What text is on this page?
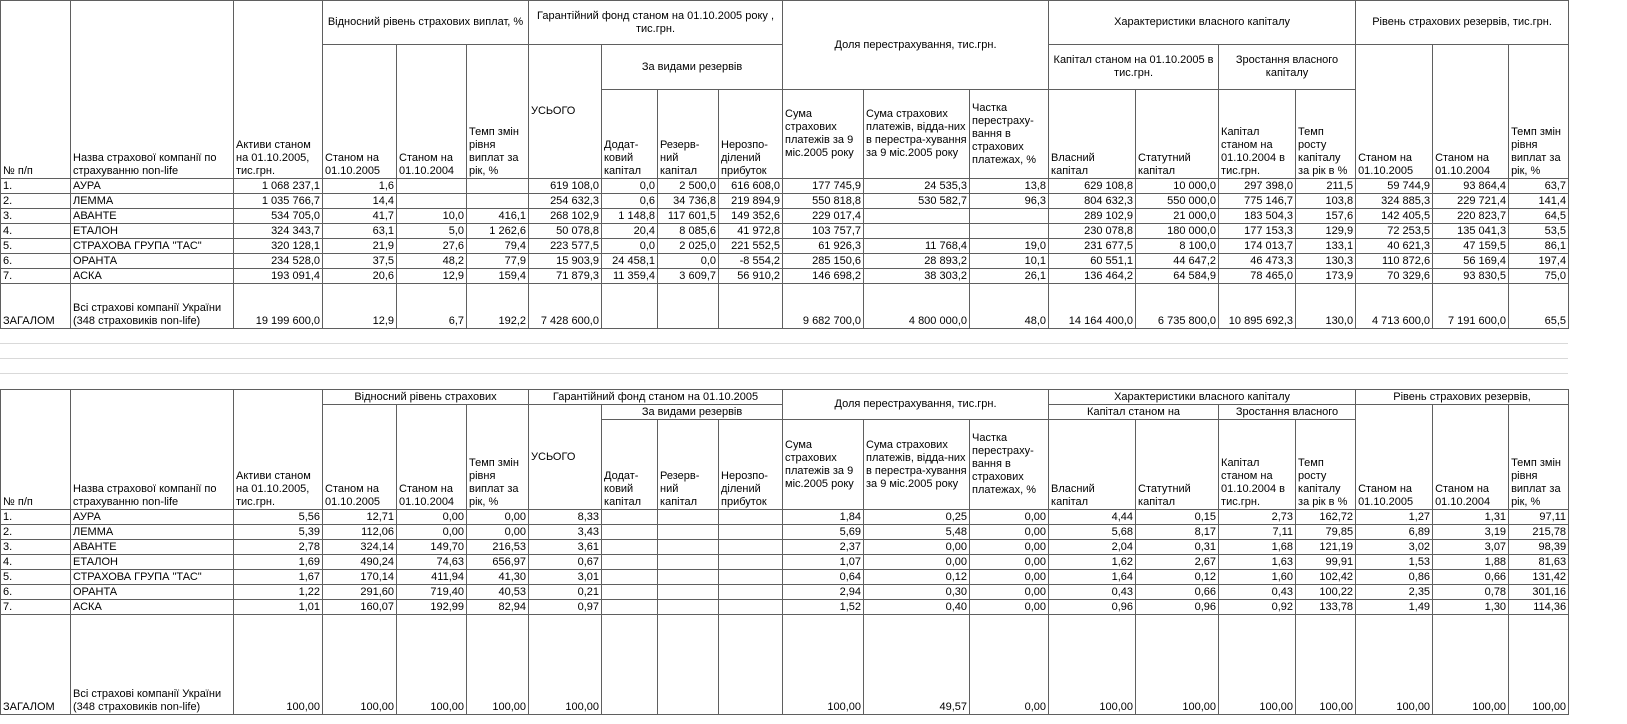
№ п/п	Назва страхової компанії по страхуванню non-life	Активи станом на 01.10.2005, тис.грн.	Відносний рівень страхових виплат, %			Гарантійний фонд станом на 01.10.2005 року , тис.грн.				Доля перестрахування, тис.грн.			Характеристики власного капіталу				Рівень страхових резервів, тис.грн.		
			Станом на 01.10.2005	Станом на 01.10.2004	Темп змін рівня виплат за рік, %	УСЬОГО	За видами резервів						Капітал станом на 01.10.2005 в тис.грн.		Зростання власного капіталу		Станом на 01.10.2005	Станом на 01.10.2004	Темп змін рівня виплат за рік, %
							Додат-ковий капітал	Резерв-ний капітал	Нерозпо-ділений прибуток	Сума страхових платежів за 9 міс.2005 року	Сума страхових платежів, відда-них в перестра-хування за 9 міс.2005 року	Частка перестраху-вання в страхових платежах, %	Власний капітал	Статутний капітал	Капітал станом на 01.10.2004 в тис.грн.	Темп росту капіталу за рік в %			
1.	АУРА	1 068 237,1	1,6			619 108,0	0,0	2 500,0	616 608,0	177 745,9	24 535,3	13,8	629 108,8	10 000,0	297 398,0	211,5	59 744,9	93 864,4	63,7
2.	ЛЕММА	1 035 766,7	14,4			254 632,3	0,6	34 736,8	219 894,9	550 818,8	530 582,7	96,3	804 632,3	550 000,0	775 146,7	103,8	324 885,3	229 721,4	141,4
3.	АВАНТЕ	534 705,0	41,7	10,0	416,1	268 102,9	1 148,8	117 601,5	149 352,6	229 017,4			289 102,9	21 000,0	183 504,3	157,6	142 405,5	220 823,7	64,5
4.	ЕТАЛОН	324 343,7	63,1	5,0	1 262,6	50 078,8	20,4	8 085,6	41 972,8	103 757,7			230 078,8	180 000,0	177 153,3	129,9	72 253,5	135 041,3	53,5
5.	СТРАХОВА ГРУПА "ТАС"	320 128,1	21,9	27,6	79,4	223 577,5	0,0	2 025,0	221 552,5	61 926,3	11 768,4	19,0	231 677,5	8 100,0	174 013,7	133,1	40 621,3	47 159,5	86,1
6.	ОРАНТА	234 528,0	37,5	48,2	77,9	15 903,9	24 458,1	0,0	-8 554,2	285 150,6	28 893,2	10,1	60 551,1	44 647,2	46 473,3	130,3	110 872,6	56 169,4	197,4
7.	АСКА	193 091,4	20,6	12,9	159,4	71 879,3	11 359,4	3 609,7	56 910,2	146 698,2	38 303,2	26,1	136 464,2	64 584,9	78 465,0	173,9	70 329,6	93 830,5	75,0
ЗАГАЛОМ	Всі страхові компанії України (348 страховиків non-life)	19 199 600,0	12,9	6,7	192,2	7 428 600,0				9 682 700,0	4 800 000,0	48,0	14 164 400,0	6 735 800,0	10 895 692,3	130,0	4 713 600,0	7 191 600,0	65,5
№ п/п	Назва страхової компанії по страхуванню non-life	Активи станом на 01.10.2005, тис.грн.	Відносний рівень страхових			Гарантійний фонд станом на 01.10.2005				Доля перестрахування, тис.грн.			Характеристики власного капіталу				Рівень страхових резервів,		
			Станом на 01.10.2005	Станом на 01.10.2004	Темп змін рівня виплат за рік, %	УСЬОГО	За видами резервів						Капітал станом на		Зростання власного		Станом на 01.10.2005	Станом на 01.10.2004	Темп змін рівня виплат за рік, %
							Додат-ковий капітал	Резерв-ний капітал	Нерозпо-ділений прибуток	Сума страхових платежів за 9 міс.2005 року	Сума страхових платежів, відда-них в перестра-хування за 9 міс.2005 року	Частка перестраху-вання в страхових платежах, %	Власний капітал	Статутний капітал	Капітал станом на 01.10.2004 в тис.грн.	Темп росту капіталу за рік в %			
1.	АУРА	5,56	12,71	0,00	0,00	8,33				1,84	0,25	0,00	4,44	0,15	2,73	162,72	1,27	1,31	97,11
2.	ЛЕММА	5,39	112,06	0,00	0,00	3,43				5,69	5,48	0,00	5,68	8,17	7,11	79,85	6,89	3,19	215,78
3.	АВАНТЕ	2,78	324,14	149,70	216,53	3,61				2,37	0,00	0,00	2,04	0,31	1,68	121,19	3,02	3,07	98,39
4.	ЕТАЛОН	1,69	490,24	74,63	656,97	0,67				1,07	0,00	0,00	1,62	2,67	1,63	99,91	1,53	1,88	81,63
5.	СТРАХОВА ГРУПА "ТАС"	1,67	170,14	411,94	41,30	3,01				0,64	0,12	0,00	1,64	0,12	1,60	102,42	0,86	0,66	131,42
6.	ОРАНТА	1,22	291,60	719,40	40,53	0,21				2,94	0,30	0,00	0,43	0,66	0,43	100,22	2,35	0,78	301,16
7.	АСКА	1,01	160,07	192,99	82,94	0,97				1,52	0,40	0,00	0,96	0,96	0,92	133,78	1,49	1,30	114,36
ЗАГАЛОМ	Всі страхові компанії України (348 страховиків non-life)	100,00	100,00	100,00	100,00	100,00				100,00	49,57	0,00	100,00	100,00	100,00	100,00	100,00	100,00	100,00
